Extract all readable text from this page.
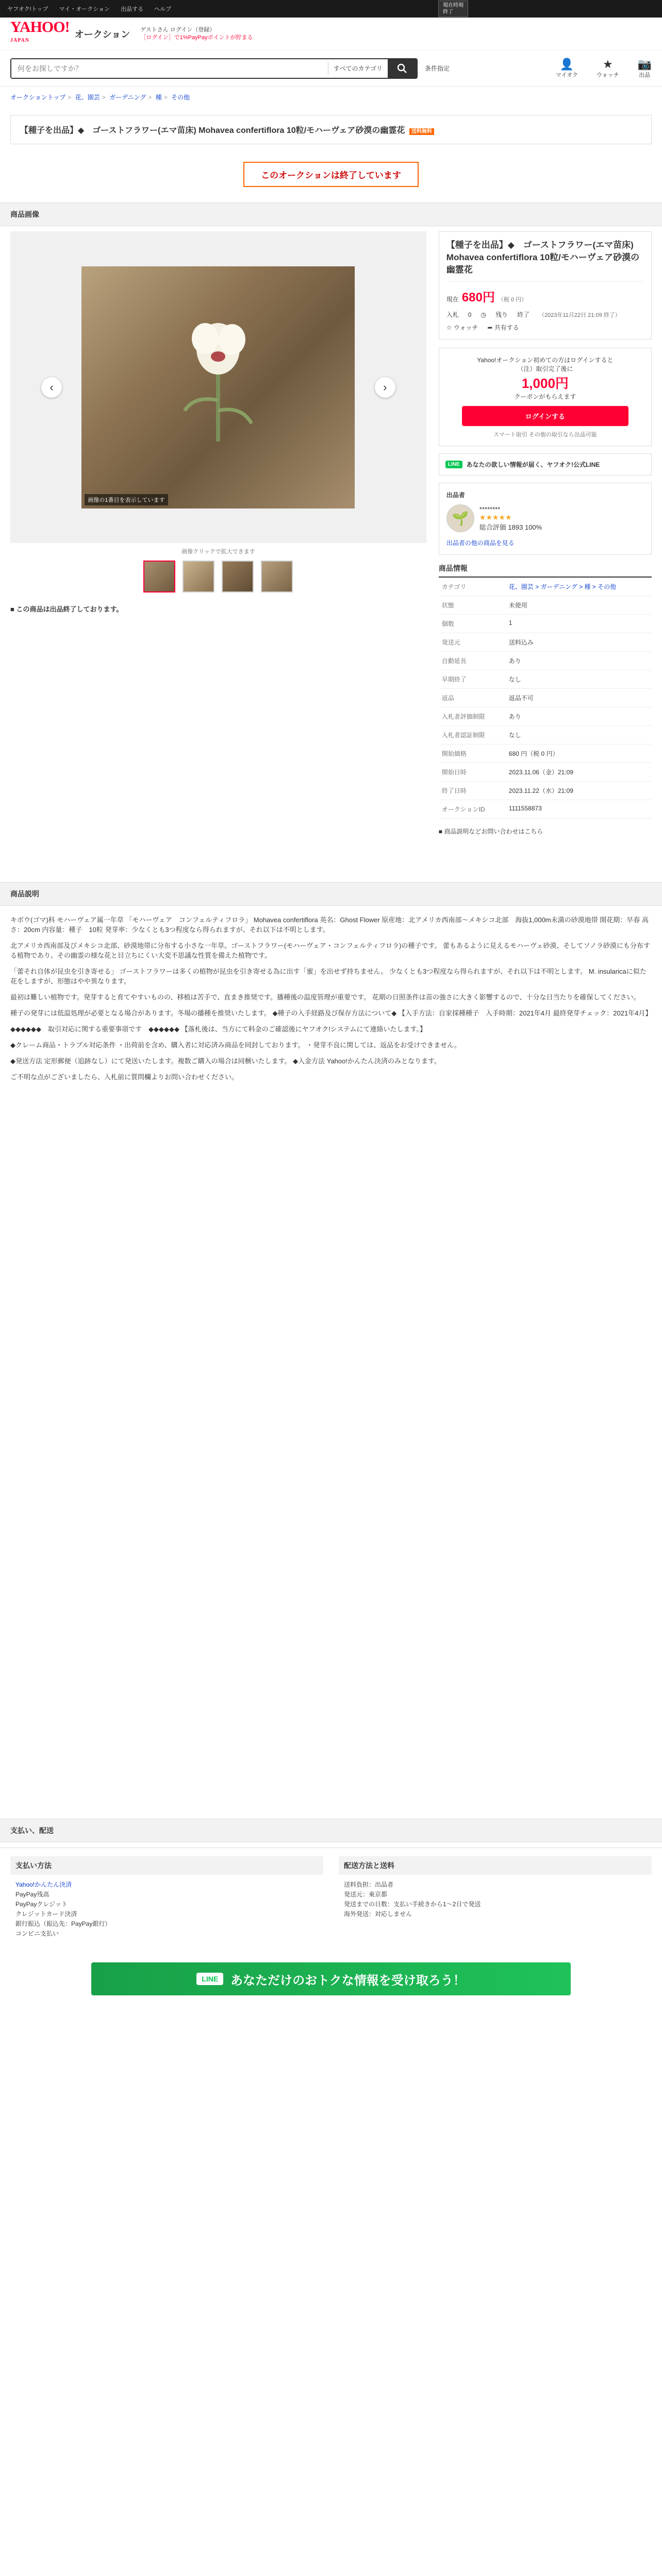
ヤフオク!トップ マイ・オークション 出品する ヘルプ
現在時刻
終了
YAHOO!
JAPAN
オークション ゲストさん ログイン（登録）
［ログイン］で1%PayPayポイントが貯まる
何をお探しですか？
すべてのカテゴリ	条件指定	👤
マイオク
★
ウォッチ
📷
出品
オークショントップ > 花、園芸 > ガーデニング > 種 > その他
【種子を出品】◆　ゴーストフラワー(エマ苗床) Mohavea confertiflora 10粒/モハーヴェア砂漠の幽霊花 送料無料
このオークションは終了しています
商品画像
‹
画像の1番目を表示しています
›
画像クリックで拡大できます
■ この商品は出品終了しております。
【種子を出品】◆　ゴーストフラワー(エマ苗床) Mohavea confertiflora 10粒/モハーヴェア砂漠の幽霊花
現在 680円 （税 0 円）
入札 0 ◷ 残り 終了 （2023年11月22日 21:09 終了）
☆ ウォッチ ➦ 共有する
Yahoo!オークション初めての方はログインすると
（注）取引完了後に
1,000円
クーポンがもらえます
ログインする
スマート取引 その他の取引なら出品可能
LINE	あなたの欲しい情報が届く、ヤフオク!公式LINE
出品者
🌱
********
★★★★★
総合評価 1893 100%
出品者の他の商品を見る
商品情報
カテゴリ	花、園芸 > ガーデニング > 種 > その他
状態	未使用
個数	1
発送元	送料込み
自動延長	あり
早期終了	なし
返品	返品不可
入札者評価制限	あり
入札者認証制限	なし
開始価格	680 円（税 0 円）
開始日時	2023.11.06（金）21:09
終了日時	2023.11.22（水）21:09
オークションID	1111558873
■ 商品説明などお問い合わせはこちら
商品説明

キボウ(ゴマ)科 モハーヴェア属一年草 「モハーヴェア　コンフェルティフロラ」 Mohavea confertiflora 英名：Ghost Flower 原産地：北アメリカ西南部〜メキシコ北部　海抜1,000m未満の砂漠地帯 開花期：早春 高さ：20cm 内容量：種子　10粒 発芽率：少なくとも3つ程度なら得られますが、それ以下は不明とします。

北アメリカ西南部及びメキシコ北部、砂漠地帯に分布する小さな一年草。ゴーストフラワー(モハーヴェア・コンフェルティフロラ)の種子です。 蕾もあるように見えるモハーヴェ砂漠、そしてソノラ砂漠にも分布する植物であり、その幽霊の様な花と目立ちにくい大変不思議な性質を備えた植物です。

「蕾それ自体が昆虫を引き寄せる」 ゴーストフラワーは多くの植物が昆虫を引き寄せる為に出す「蜜」を出せず持ちません。 少なくとも3つ程度なら得られますが、それ以下は不明とします。 M. insularicaに似た花をしますが、形態はやや異なります。

最初は難しい植物です。発芽すると育てやすいものの、移植は苦手で、直まき推奨です。播種後の温度管理が重要です。 花期の日照条件は苗の強さに大きく影響するので、十分な日当たりを確保してください。

種子の発芽には低温処理が必要となる場合があります。冬場の播種を推奨いたします。 ◆種子の入手経路及び保存方法について◆ 【入手方法：自家採種種子　入手時期：2021年4月 最終発芽チェック：2021年4月】

◆◆◆◆◆◆　取引対応に関する重要事項です　◆◆◆◆◆◆ 【落札後は、当方にて料金のご確認後にヤフオク!システムにて連絡いたします。】

◆クレーム商品・トラブル対応条件 ・出荷前を含め、購入者に対応済み商品を同封しております。 ・発芽不良に関しては、返品をお受けできません。

◆発送方法 定形郵便（追跡なし）にて発送いたします。複数ご購入の場合は同梱いたします。 ◆入金方法 Yahoo!かんたん決済のみとなります。

ご不明な点がございましたら、入札前に質問欄よりお問い合わせください。

支払い、配送
支払い方法
Yahoo!かんたん決済
PayPay残高
PayPayクレジット
クレジットカード決済
銀行振込（振込先：PayPay銀行）
コンビニ支払い
配送方法と送料
送料負担：出品者
発送元：東京都
発送までの日数：支払い手続きから1〜2日で発送
海外発送：対応しません
LINE	あなただけのおトクな情報を受け取ろう！
